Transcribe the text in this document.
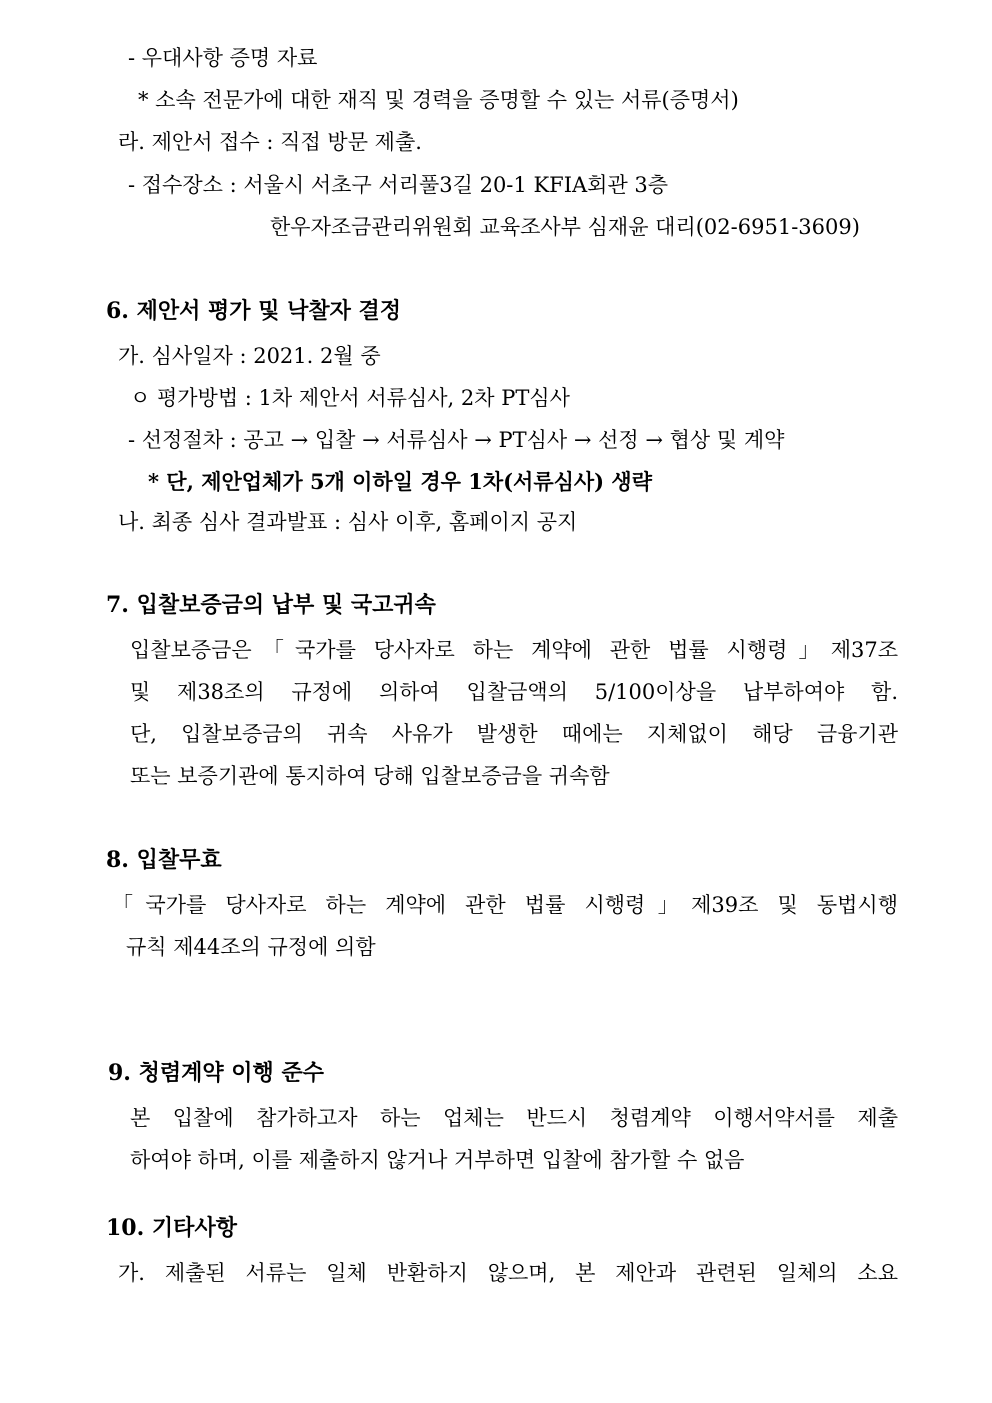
- 우대사항 증명 자료
* 소속 전문가에 대한 재직 및 경력을 증명할 수 있는 서류(증명서)
라. 제안서 접수 : 직접 방문 제출.
- 접수장소 : 서울시 서초구 서리풀3길 20-1 KFIA회관 3층
한우자조금관리위원회 교육조사부 심재윤 대리(02-6951-3609)
6. 제안서 평가 및 낙찰자 결정
가. 심사일자 : 2021. 2월 중
ㅇ 평가방법 : 1차 제안서 서류심사, 2차 PT심사
- 선정절차 : 공고 → 입찰 → 서류심사 → PT심사 → 선정 → 협상 및 계약
* 단, 제안업체가 5개 이하일 경우 1차(서류심사) 생략
나. 최종 심사 결과발표 : 심사 이후, 홈페이지 공지
7. 입찰보증금의 납부 및 국고귀속
입찰보증금은「국가를 당사자로 하는 계약에 관한 법률 시행령」제37조
및 제38조의 규정에 의하여 입찰금액의 5/100이상을 납부하여야 함.
단, 입찰보증금의 귀속 사유가 발생한 때에는 지체없이 해당 금융기관
또는 보증기관에 통지하여 당해 입찰보증금을 귀속함
8. 입찰무효
「국가를 당사자로 하는 계약에 관한 법률 시행령」제39조 및 동법시행
규칙 제44조의 규정에 의함
9. 청렴계약 이행 준수
본 입찰에 참가하고자 하는 업체는 반드시 청렴계약 이행서약서를 제출
하여야 하며, 이를 제출하지 않거나 거부하면 입찰에 참가할 수 없음
10. 기타사항
가. 제출된 서류는 일체 반환하지 않으며, 본 제안과 관련된 일체의 소요
